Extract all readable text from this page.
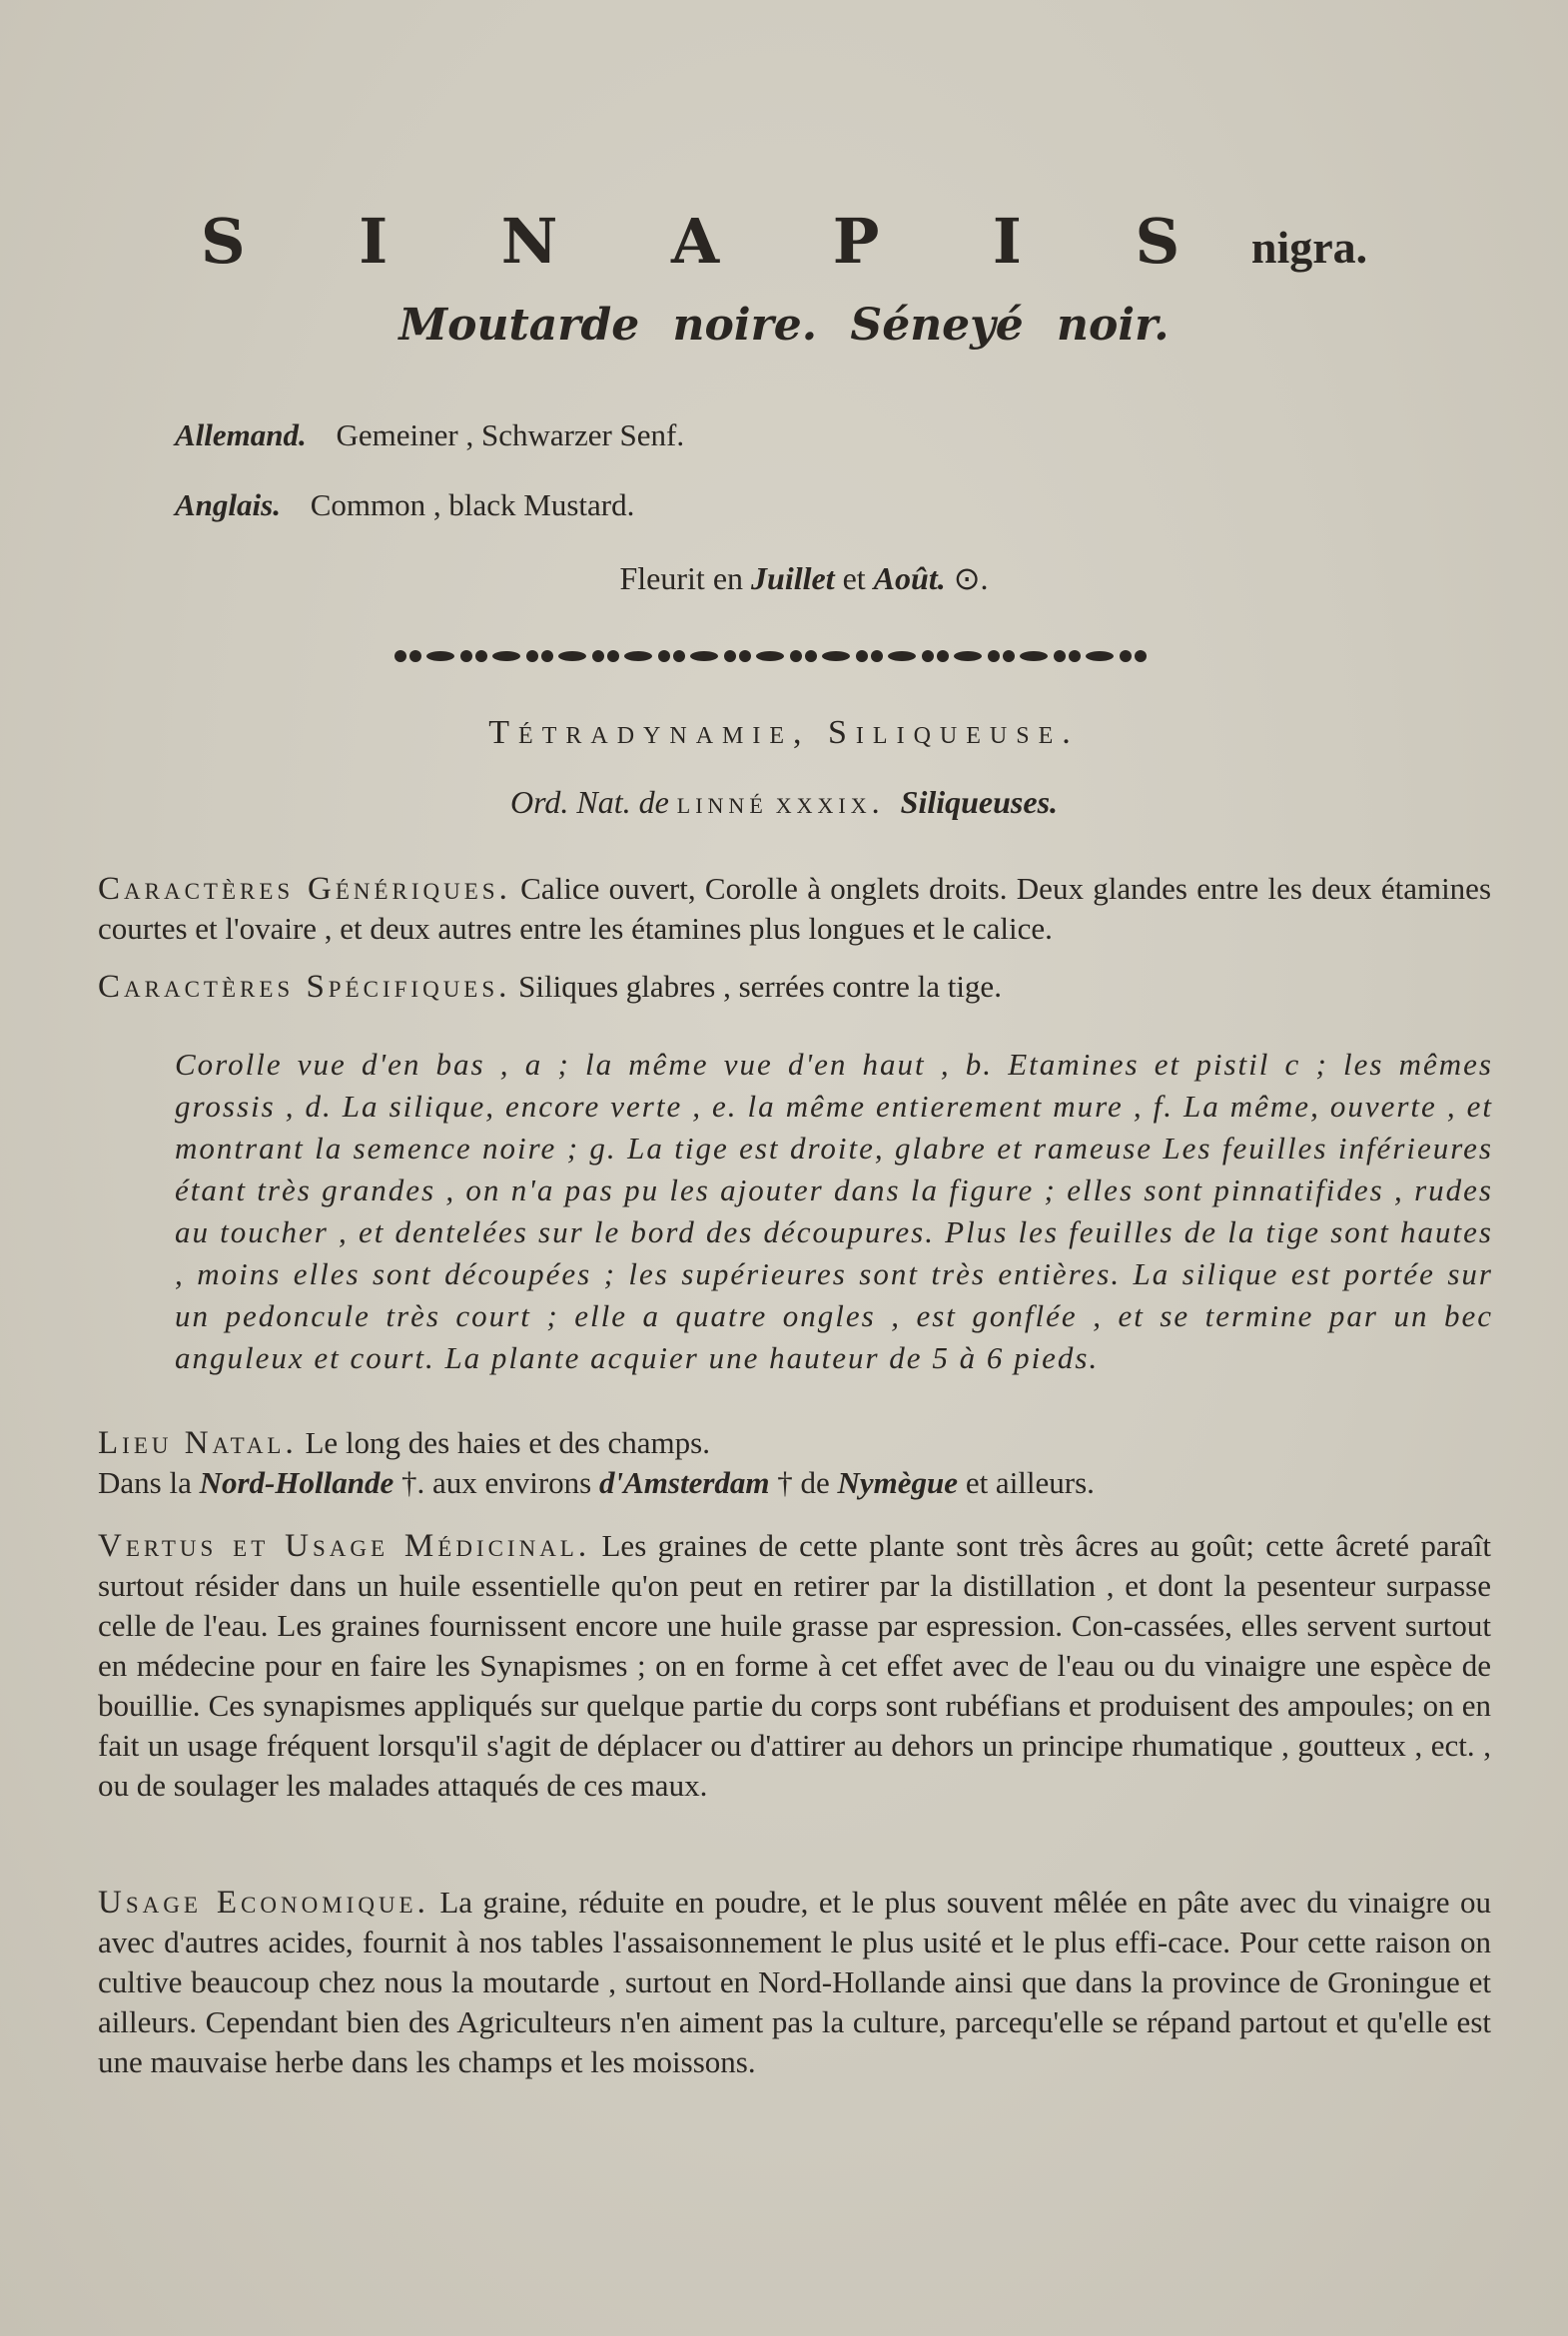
S I N A P I S nigra.
Moutarde noire. Séneyé noir.
Allemand. Gemeiner , Schwarzer Senf.
Anglais. Common , black Mustard.
Fleurit en Juillet et Août. ⊙.
Tétradynamie, Siliqueuse.
Ord. Nat. de linné xxxix. Siliqueuses.

Caractères Génériques. Calice ouvert, Corolle à onglets droits. Deux glandes entre les deux étamines courtes et l'ovaire , et deux autres entre les étamines plus longues et le calice.

Caractères Spécifiques. Siliques glabres , serrées contre la tige.

Corolle vue d'en bas , a ; la même vue d'en haut , b. Etamines et pistil c ; les mêmes grossis , d. La silique, encore verte , e. la même entierement mure , f. La même, ouverte , et montrant la semence noire ; g. La tige est droite, glabre et rameuse Les feuilles inférieures étant très grandes , on n'a pas pu les ajouter dans la figure ; elles sont pinnatifides , rudes au toucher , et dentelées sur le bord des découpures. Plus les feuilles de la tige sont hautes , moins elles sont découpées ; les supérieures sont très entières. La silique est portée sur un pedoncule très court ; elle a quatre ongles , est gonflée , et se termine par un bec anguleux et court. La plante acquier une hauteur de 5 à 6 pieds.

Lieu Natal. Le long des haies et des champs.

Dans la Nord-Hollande †. aux environs d'Amsterdam † de Nymègue et ailleurs.

Vertus et Usage Médicinal. Les graines de cette plante sont très âcres au goût; cette âcreté paraît surtout résider dans un huile essentielle qu'on peut en retirer par la distillation , et dont la pesenteur surpasse celle de l'eau. Les graines fournissent encore une huile grasse par espression. Con-cassées, elles servent surtout en médecine pour en faire les Synapismes ; on en forme à cet effet avec de l'eau ou du vinaigre une espèce de bouillie. Ces synapismes appliqués sur quelque partie du corps sont rubéfians et produisent des ampoules; on en fait un usage fréquent lorsqu'il s'agit de déplacer ou d'attirer au dehors un principe rhumatique , goutteux , ect. , ou de soulager les malades attaqués de ces maux.

Usage Economique. La graine, réduite en poudre, et le plus souvent mêlée en pâte avec du vinaigre ou avec d'autres acides, fournit à nos tables l'assaisonnement le plus usité et le plus effi-cace. Pour cette raison on cultive beaucoup chez nous la moutarde , surtout en Nord-Hollande ainsi que dans la province de Groningue et ailleurs. Cependant bien des Agriculteurs n'en aiment pas la culture, parcequ'elle se répand partout et qu'elle est une mauvaise herbe dans les champs et les moissons.
